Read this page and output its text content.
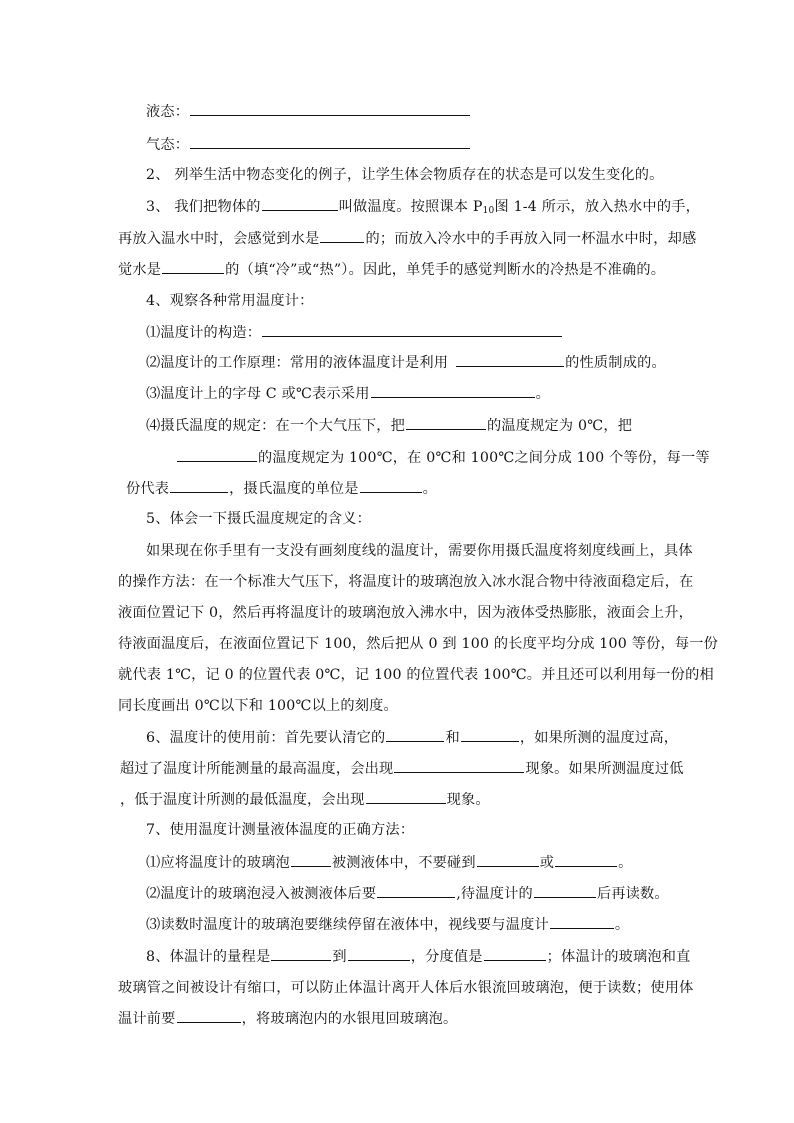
液态：
气态：
2、 列举生活中物态变化的例子，让学生体会物质存在的状态是可以发生变化的。
3、 我们把物体的	叫做温度。按照课本 $P_{10}$图 1-4 所示，放入热水中的手，
再放入温水中时，会感觉到水是	的；而放入冷水中的手再放入同一杯温水中时，却感
觉水是	的（填“冷”或“热”）。因此，单凭手的感觉判断水的冷热是不准确的。
4、观察各种常用温度计：
⑴温度计的构造：
⑵温度计的工作原理：常用的液体温度计是利用	的性质制成的。
⑶温度计上的字母 C 或℃表示采用	。
⑷摄氏温度的规定：在一个大气压下，把	的温度规定为 0℃，把
的温度规定为 100℃，在 0℃和 100℃之间分成 100 个等份，每一等
份代表	，摄氏温度的单位是	。
5、体会一下摄氏温度规定的含义：
如果现在你手里有一支没有画刻度线的温度计，需要你用摄氏温度将刻度线画上，具体
的操作方法：在一个标准大气压下，将温度计的玻璃泡放入冰水混合物中待液面稳定后，在
液面位置记下 0，然后再将温度计的玻璃泡放入沸水中，因为液体受热膨胀，液面会上升，
待液面温度后，在液面位置记下 100，然后把从 0 到 100 的长度平均分成 100 等份，每一份
就代表 1℃，记 0 的位置代表 0℃，记 100 的位置代表 100℃。并且还可以利用每一份的相
同长度画出 0℃以下和 100℃以上的刻度。
6、温度计的使用前：首先要认清它的	和	，如果所测的温度过高，
超过了温度计所能测量的最高温度，会出现	现象。如果所测温度过低
，低于温度计所测的最低温度，会出现	现象。
7、使用温度计测量液体温度的正确方法：
⑴应将温度计的玻璃泡	被测液体中，不要碰到	或	。
⑵温度计的玻璃泡浸入被测液体后要	,待温度计的	后再读数。
⑶读数时温度计的玻璃泡要继续停留在液体中，视线要与温度计	。
8、体温计的量程是	到	，分度值是	；体温计的玻璃泡和直
玻璃管之间被设计有缩口，可以防止体温计离开人体后水银流回玻璃泡，便于读数；使用体
温计前要	，将玻璃泡内的水银甩回玻璃泡。
